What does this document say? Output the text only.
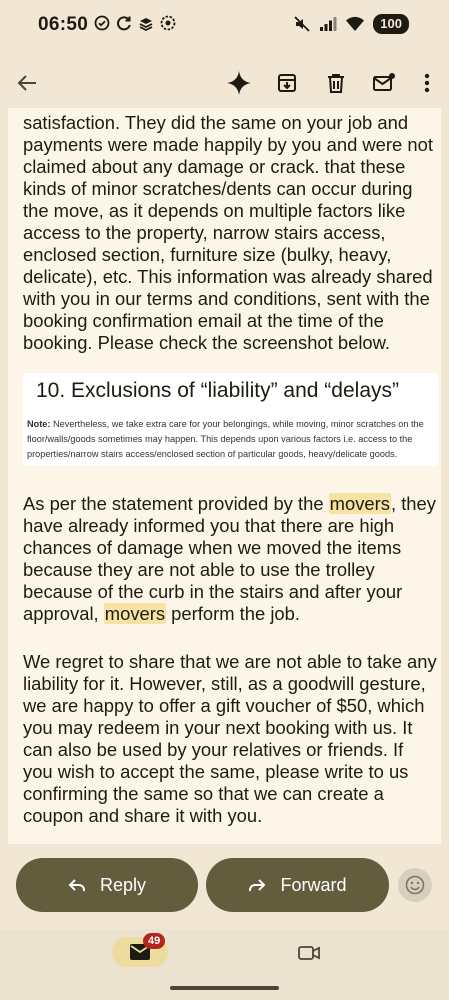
06:50	100

satisfaction. They did the same on your job and payments were made happily by you and were not claimed about any damage or crack. that these kinds of minor scratches/dents can occur during the move, as it depends on multiple factors like access to the property, narrow stairs access, enclosed section, furniture size (bulky, heavy, delicate), etc. This information was already shared with you in our terms and conditions, sent with the booking confirmation email at the time of the booking. Please check the screenshot below.

10. Exclusions of “liability” and “delays”
Note: Nevertheless, we take extra care for your belongings, while moving, minor scratches on the floor/walls/goods sometimes may happen. This depends upon various factors i.e. access to the properties/narrow stairs access/enclosed section of particular goods, heavy/delicate goods.

As per the statement provided by the movers, they have already informed you that there are high chances of damage when we moved the items because they are not able to use the trolley because of the curb in the stairs and after your approval, movers perform the job.

We regret to share that we are not able to take any liability for it. However, still, as a goodwill gesture, we are happy to offer a gift voucher of $50, which you may redeem in your next booking with us. It can also be used by your relatives or friends. If you wish to accept the same, please write to us confirming the same so that we can create a coupon and share it with you.

Reply	Forward
49
